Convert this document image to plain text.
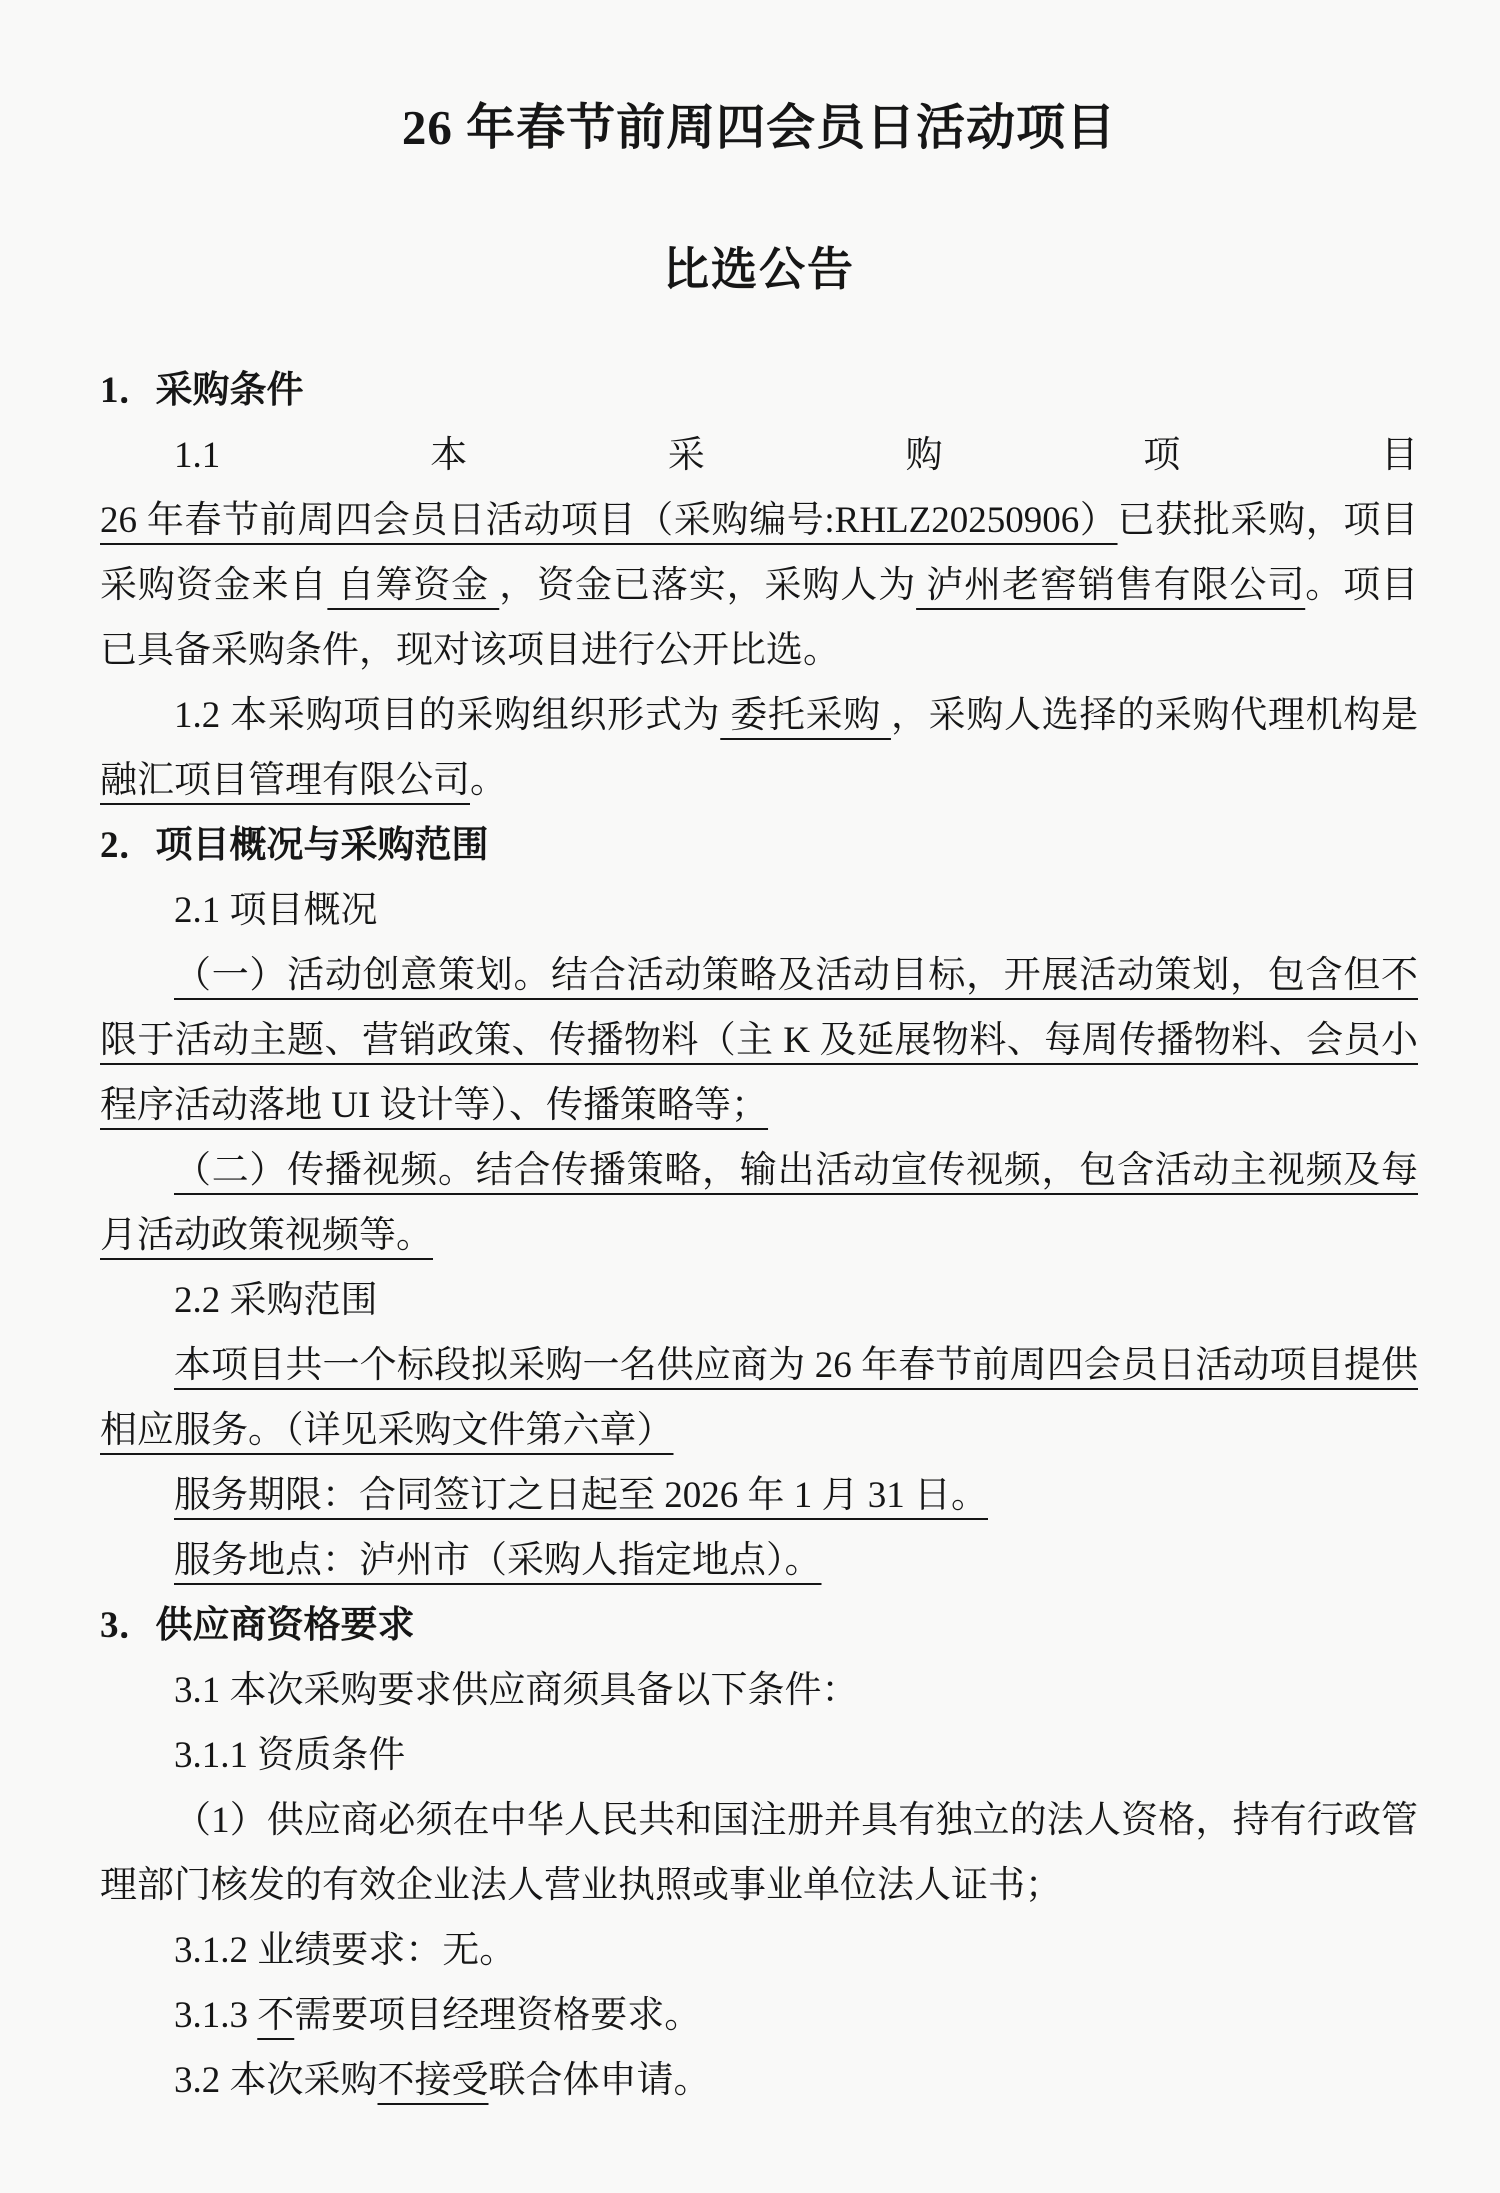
26 年春节前周四会员日活动项目
比选公告
1．采购条件

1.1 本采购项目 26 年春节前周四会员日活动项目（采购编号:RHLZ20250906）已获批采购，项目采购资金来自 自筹资金 ，资金已落实，采购人为 泸州老窖销售有限公司。项目已具备采购条件，现对该项目进行公开比选。

1.2 本采购项目的采购组织形式为 委托采购 ，采购人选择的采购代理机构是 融汇项目管理有限公司。

2．项目概况与采购范围

2.1 项目概况

（一）活动创意策划。结合活动策略及活动目标，开展活动策划，包含但不限于活动主题、营销政策、传播物料（主 K 及延展物料、每周传播物料、会员小程序活动落地 UI 设计等）、传播策略等；

（二）传播视频。结合传播策略，输出活动宣传视频，包含活动主视频及每月活动政策视频等。

2.2 采购范围

本项目共一个标段拟采购一名供应商为 26 年春节前周四会员日活动项目提供相应服务。（详见采购文件第六章）

服务期限：合同签订之日起至 2026 年 1 月 31 日。

服务地点：泸州市（采购人指定地点）。

3．供应商资格要求

3.1 本次采购要求供应商须具备以下条件：

3.1.1 资质条件

（1）供应商必须在中华人民共和国注册并具有独立的法人资格，持有行政管理部门核发的有效企业法人营业执照或事业单位法人证书；

3.1.2 业绩要求：无。

3.1.3 不需要项目经理资格要求。

3.2 本次采购不接受联合体申请。
